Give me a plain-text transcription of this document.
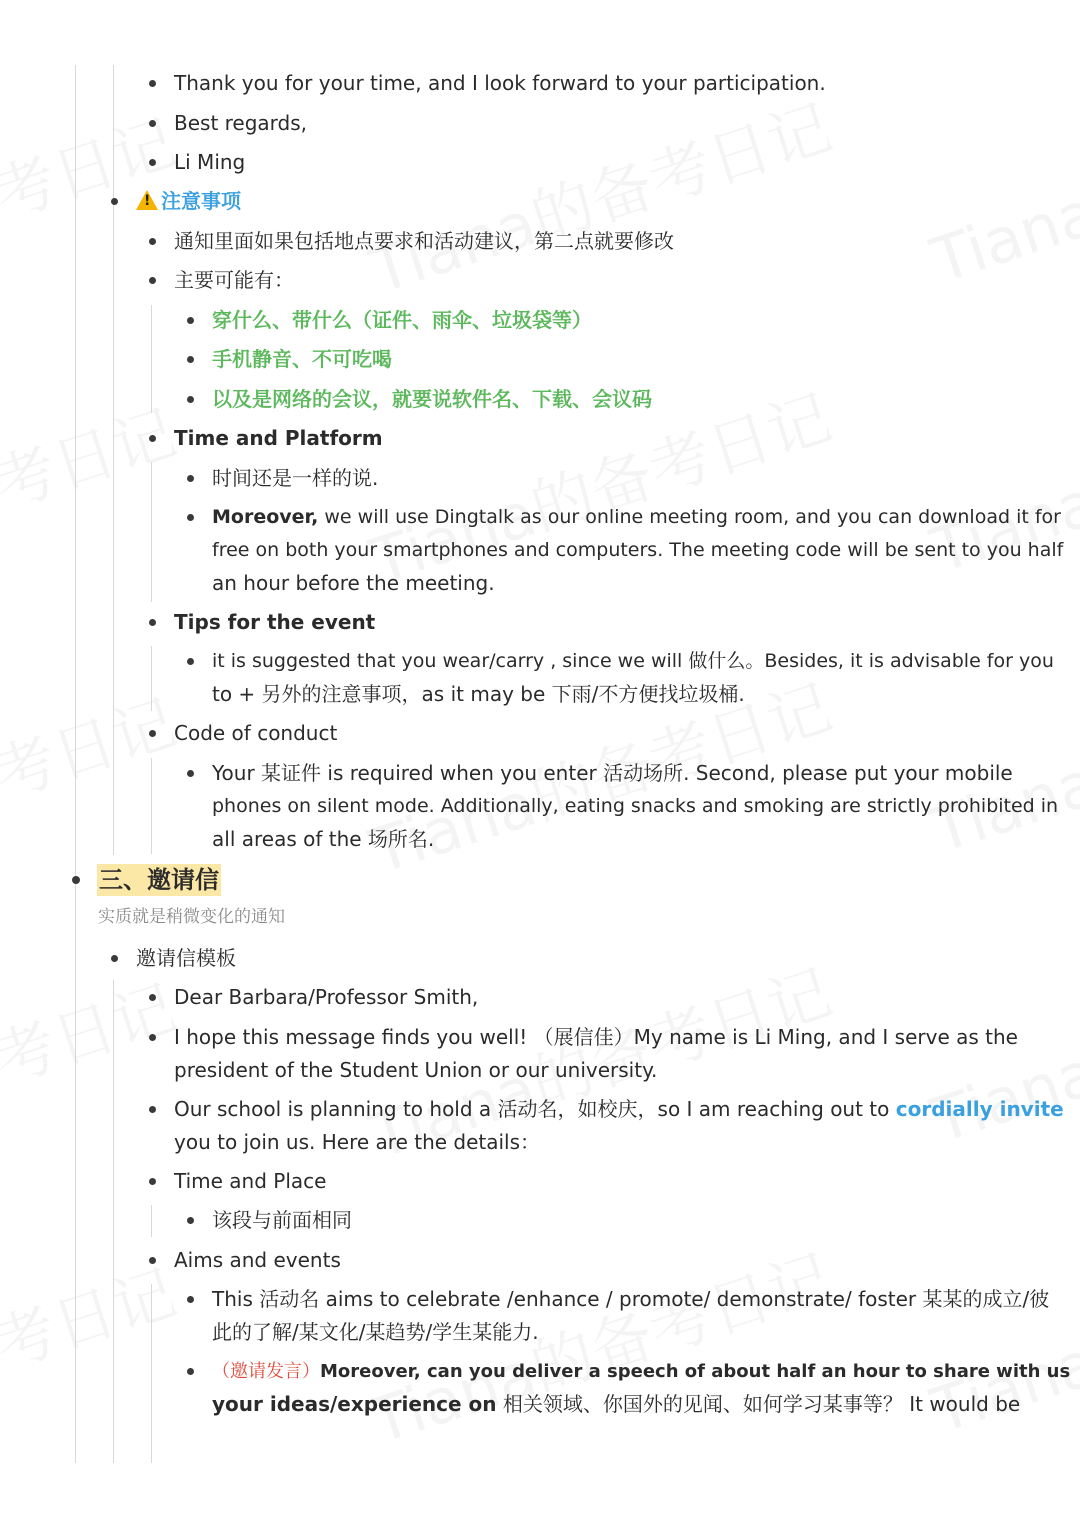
Thank you for your time, and I look forward to your participation.
Best regards,
Li Ming
!注意事项
通知里面如果包括地点要求和活动建议，第二点就要修改
主要可能有：
穿什么、带什么（证件、雨伞、垃圾袋等）
手机静音、不可吃喝
以及是网络的会议，就要说软件名、下载、会议码
Time and Platform
时间还是一样的说.
Moreover, we will use Dingtalk as our online meeting room, and you can download it for
free on both your smartphones and computers. The meeting code will be sent to you half
an hour before the meeting.
Tips for the event
it is suggested that you wear/carry , since we will 做什么。Besides, it is advisable for you
to + 另外的注意事项，as it may be 下雨/不方便找垃圾桶.
Code of conduct
Your 某证件 is required when you enter 活动场所. Second, please put your mobile
phones on silent mode. Additionally, eating snacks and smoking are strictly prohibited in
all areas of the 场所名.
三、邀请信
实质就是稍微变化的通知
邀请信模板
Dear Barbara/Professor Smith,
I hope this message finds you well! （展信佳）My name is Li Ming, and I serve as the
president of the Student Union or our university.
Our school is planning to hold a 活动名，如校庆，so I am reaching out to cordially invite
you to join us. Here are the details：
Time and Place
该段与前面相同
Aims and events
This 活动名 aims to celebrate /enhance / promote/ demonstrate/ foster 某某的成立/彼
此的了解/某文化/某趋势/学生某能力.
（邀请发言）Moreover, can you deliver a speech of about half an hour to share with us
your ideas/experience on 相关领域、你国外的见闻、如何学习某事等？ It would be
